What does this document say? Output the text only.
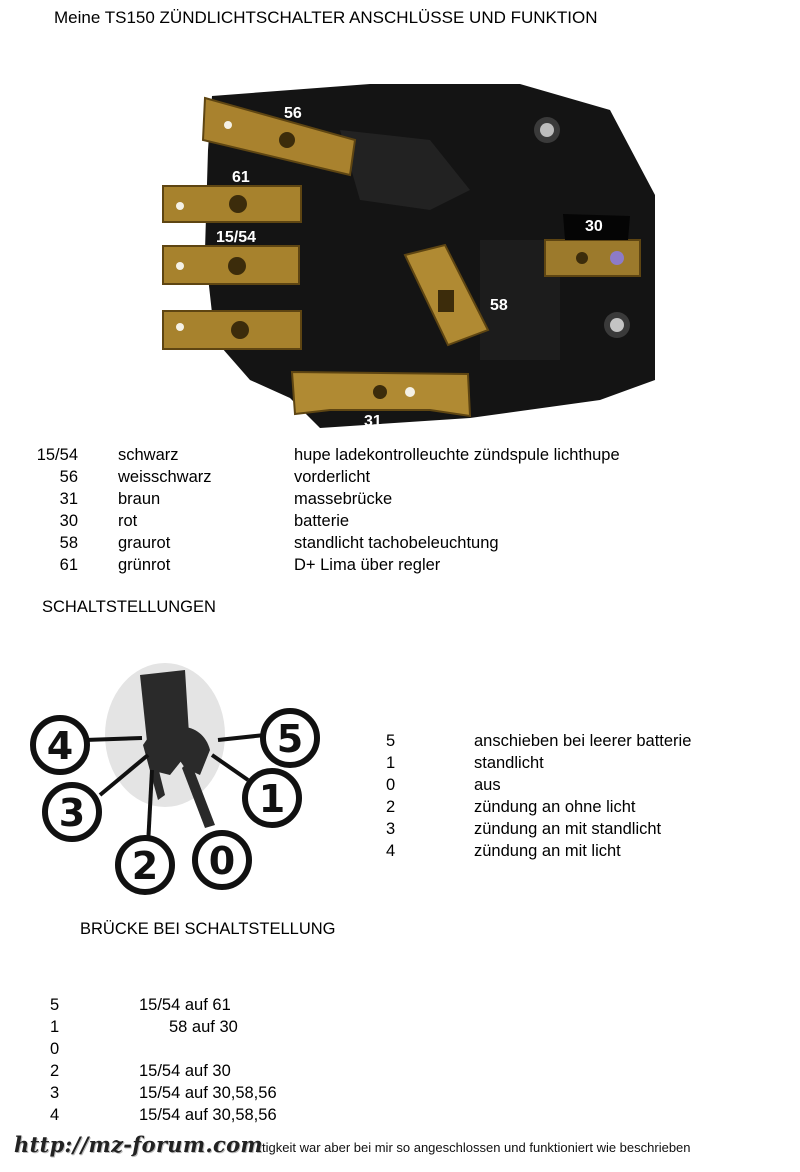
Meine TS150 ZÜNDLICHTSCHALTER ANSCHLÜSSE UND FUNKTION
56
61
15/54
30
58
31
15/54 schwarz	hupe ladekontrolleuchte zündspule lichthupe
56 weisschwarz	vorderlicht
31 braun	massebrücke
30 rot	batterie
58 graurot	standlicht tachobeleuchtung
61 grünrot	D+ Lima über regler
SCHALTSTELLUNGEN
4	5
3	1
2 0
5	anschieben bei leerer batterie
1	standlicht
0	aus
2	zündung an ohne licht
3	zündung an mit standlicht
4	zündung an mit licht
BRÜCKE BEI SCHALTSTELLUNG
5	15/54 auf 61
1	58 auf 30
0
2	15/54 auf 30
3	15/54 auf 30,58,56
4	15/54 auf 30,58,56
tigkeit war aber bei mir so angeschlossen und funktioniert wie beschrieben
http://mz-forum.com
